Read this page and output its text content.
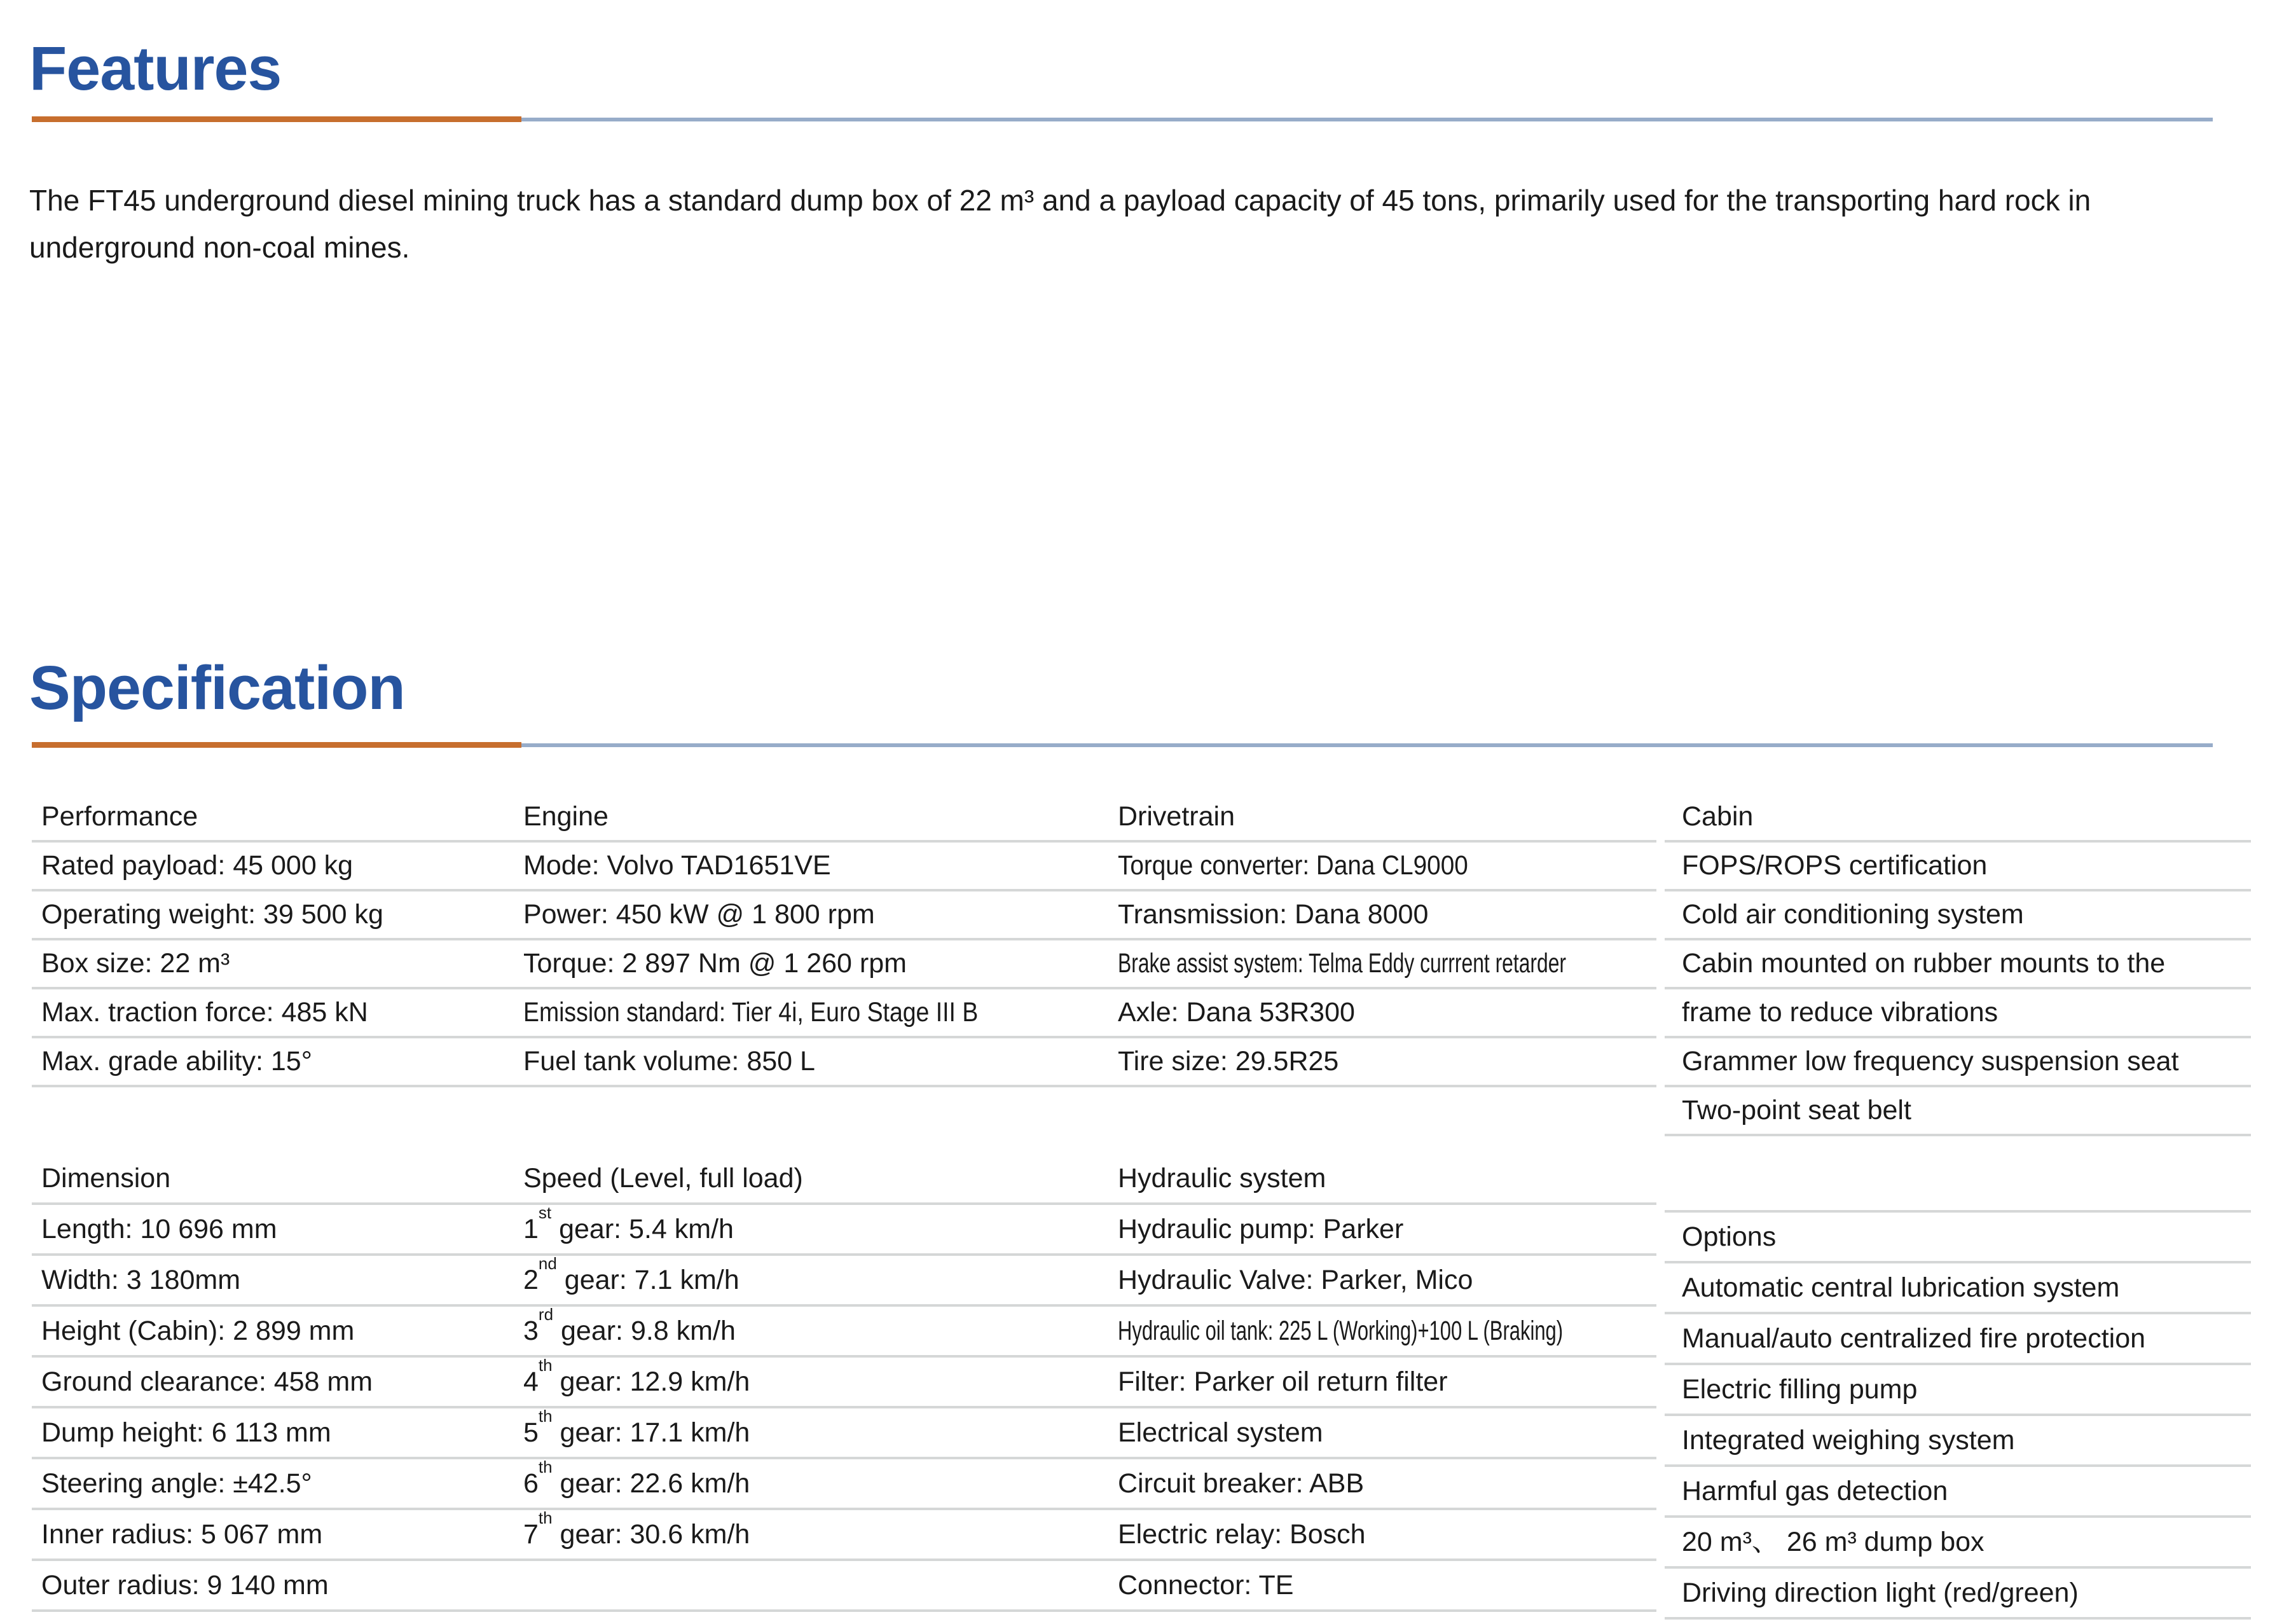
Features

The FT45 underground diesel mining truck has a standard dump box of 22 m³ and a payload capacity of 45 tons, primarily used for the transporting hard rock in underground non-coal mines.

Specification
Performance
Rated payload: 45 000 kg
Operating weight: 39 500 kg
Box size: 22 m³
Max. traction force: 485 kN
Max. grade ability: 15°
Engine
Mode: Volvo TAD1651VE
Power: 450 kW @ 1 800 rpm
Torque: 2 897 Nm @ 1 260 rpm
Emission standard: Tier 4i, Euro Stage III B
Fuel tank volume: 850 L
Drivetrain
Torque converter: Dana CL9000
Transmission: Dana 8000
Brake assist system: Telma Eddy currrent retarder
Axle: Dana 53R300
Tire size: 29.5R25
Cabin
FOPS/ROPS certification
Cold air conditioning system
Cabin mounted on rubber mounts to the
frame to reduce vibrations
Grammer low frequency suspension seat
Two-point seat belt
Dimension
Length: 10 696 mm
Width: 3 180mm
Height (Cabin): 2 899 mm
Ground clearance: 458 mm
Dump height: 6 113 mm
Steering angle: ±42.5°
Inner radius: 5 067 mm
Outer radius: 9 140 mm
Speed (Level, full load)
1st gear: 5.4 km/h
2nd gear: 7.1 km/h
3rd gear: 9.8 km/h
4th gear: 12.9 km/h
5th gear: 17.1 km/h
6th gear: 22.6 km/h
7th gear: 30.6 km/h
Hydraulic system
Hydraulic pump: Parker
Hydraulic Valve: Parker, Mico
Hydraulic oil tank: 225 L (Working)+100 L (Braking)
Filter: Parker oil return filter
Electrical system
Circuit breaker: ABB
Electric relay: Bosch
Connector: TE
Options
Automatic central lubrication system
Manual/auto centralized fire protection
Electric filling pump
Integrated weighing system
Harmful gas detection
20 m³、 26 m³ dump box
Driving direction light (red/green)
